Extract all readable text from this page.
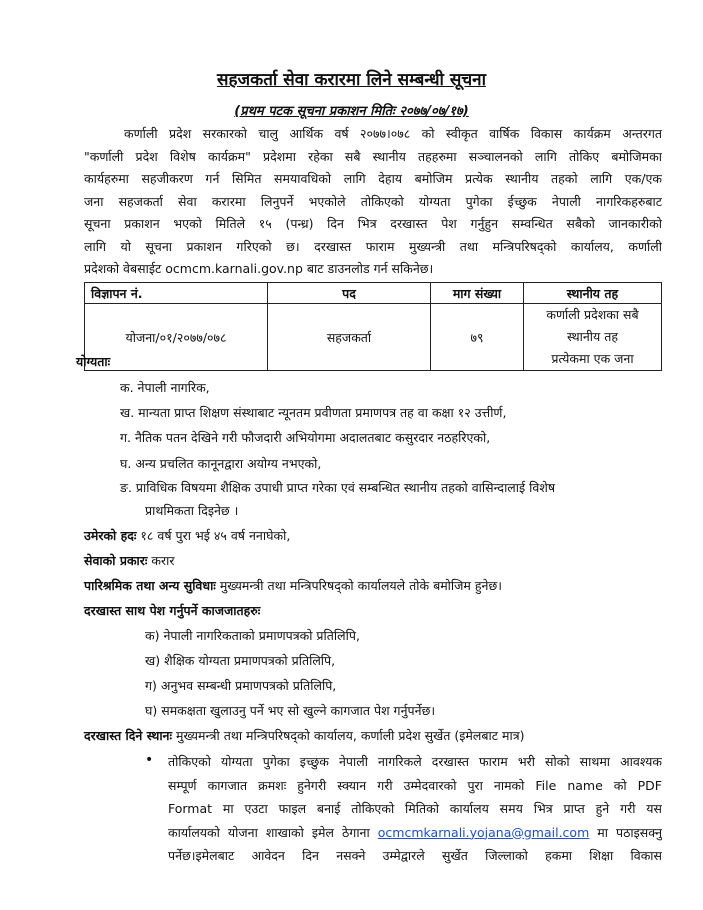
सहजकर्ता सेवा करारमा लिने सम्बन्धी सूचना
(प्रथम पटक सूचना प्रकाशन मितिः २०७७/०७/१७)
कर्णाली प्रदेश सरकारको चालु आर्थिक वर्ष २०७७।०७८ को स्वीकृत वार्षिक विकास कार्यक्रम अन्तरगत
"कर्णाली प्रदेश विशेष कार्यक्रम" प्रदेशमा रहेका सबै स्थानीय तहहरुमा सञ्चालनको लागि तोकिए बमोजिमका
कार्यहरुमा सहजीकरण गर्न सिमित समयावधिको लागि देहाय बमोजिम प्रत्येक स्थानीय तहको लागि एक/एक
जना सहजकर्ता सेवा करारमा लिनुपर्ने भएकोले तोकिएको योग्यता पुगेका ईच्छुक नेपाली नागरिकहरुबाट
सूचना प्रकाशन भएको मितिले १५ (पन्ध्र) दिन भित्र दरखास्त पेश गर्नुहुन सम्वन्धित सबैको जानकारीको
लागि यो सूचना प्रकाशन गरिएको छ। दरखास्त फाराम मुख्यन्त्री तथा मन्त्रिपरिषद्को कार्यालय, कर्णाली
प्रदेशको वेबसाईट ocmcm.karnali.gov.np बाट डाउनलोड गर्न सकिनेछ।
विज्ञापन नं.	पद	माग संख्या	स्थानीय तह
योजना/०१/२०७७/०७८	सहजकर्ता	७९	कर्णाली प्रदेशका सबै स्थानीय तह
प्रत्येकमा एक जना
योग्यताः
क. नेपाली नागरिक,
ख. मान्यता प्राप्त शिक्षण संस्थाबाट न्यूनतम प्रवीणता प्रमाणपत्र तह वा कक्षा १२ उत्तीर्ण,
ग. नैतिक पतन देखिने गरी फौजदारी अभियोगमा अदालतबाट कसुरदार नठहरिएको,
घ. अन्य प्रचलित कानूनद्वारा अयोग्य नभएको,
ङ. प्राविधिक विषयमा शैक्षिक उपाधी प्राप्त गरेका एवं सम्बन्धित स्थानीय तहको वासिन्दालाई विशेष
प्राथमिकता दिइनेछ ।
उमेरको हदः १८ वर्ष पुरा भई ४५ वर्ष ननाघेको,
सेवाको प्रकारः करार
पारिश्रमिक तथा अन्य सुविधाः मुख्यमन्त्री तथा मन्त्रिपरिषद्को कार्यालयले तोके बमोजिम हुनेछ।
दरखास्त साथ पेश गर्नुपर्ने काजजातहरुः
क) नेपाली नागरिकताको प्रमाणपत्रको प्रतिलिपि,
ख) शैक्षिक योग्यता प्रमाणपत्रको प्रतिलिपि,
ग) अनुभव सम्बन्धी प्रमाणपत्रको प्रतिलिपि,
घ) समकक्षता खुलाउनु पर्ने भए सो खुल्ने कागजात पेश गर्नुपर्नेछ।
दरखास्त दिने स्थानः मुख्यमन्त्री तथा मन्त्रिपरिषद्को कार्यालय, कर्णाली प्रदेश सुर्खेत (इमेलबाट मात्र)
• तोकिएको योग्यता पुगेका इच्छुक नेपाली नागरिकले दरखास्त फाराम भरी सोको साथमा आवश्यक
सम्पूर्ण कागजात क्रमशः हुनेगरी स्क्यान गरी उम्मेदवारको पुरा नामको File name को PDF
Format मा एउटा फाइल बनाई तोकिएको मितिको कार्यालय समय भित्र प्राप्त हुने गरी यस
कार्यालयको योजना शाखाको इमेल ठेगाना ocmcmkarnali.yojana@gmail.com मा पठाइसक्नु
पर्नेछ।इमेलबाट आवेदन दिन नसक्ने उम्मेद्वारले सुर्खेत जिल्लाको हकमा शिक्षा विकास
